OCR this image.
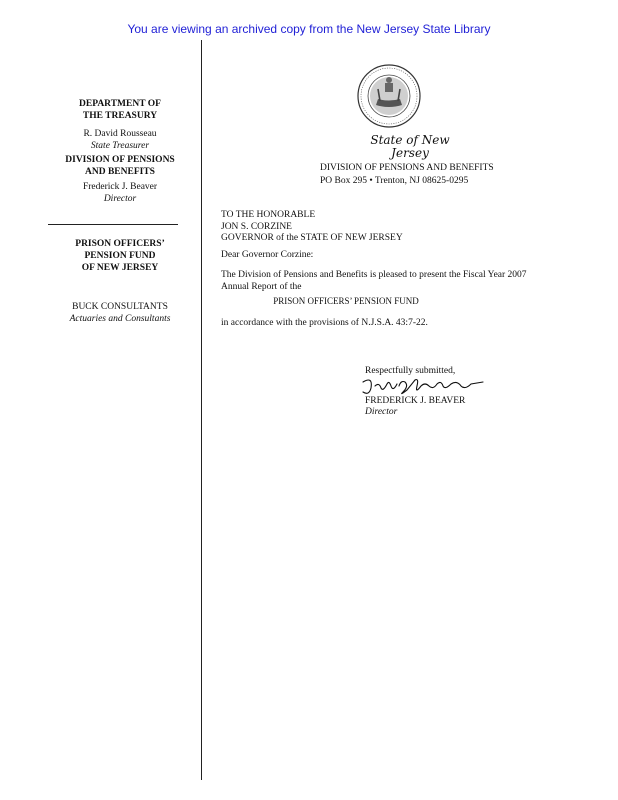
You are viewing an archived copy from the New Jersey State Library
DEPARTMENT OF
THE TREASURY
R. David Rousseau
State Treasurer
DIVISION OF PENSIONS
AND BENEFITS
Frederick J. Beaver
Director
PRISON OFFICERS’
PENSION FUND
OF NEW JERSEY
BUCK CONSULTANTS
Actuaries and Consultants
State of New Jersey
DIVISION OF PENSIONS AND BENEFITS
PO Box 295 • Trenton, NJ 08625-0295
TO THE HONORABLE
JON S. CORZINE
GOVERNOR of the STATE OF NEW JERSEY
Dear Governor Corzine:
The Division of Pensions and Benefits is pleased to present the Fiscal Year 2007
Annual Report of the
PRISON OFFICERS’ PENSION FUND
in accordance with the provisions of N.J.S.A. 43:7-22.
Respectfully submitted,
FREDERICK J. BEAVER
Director
